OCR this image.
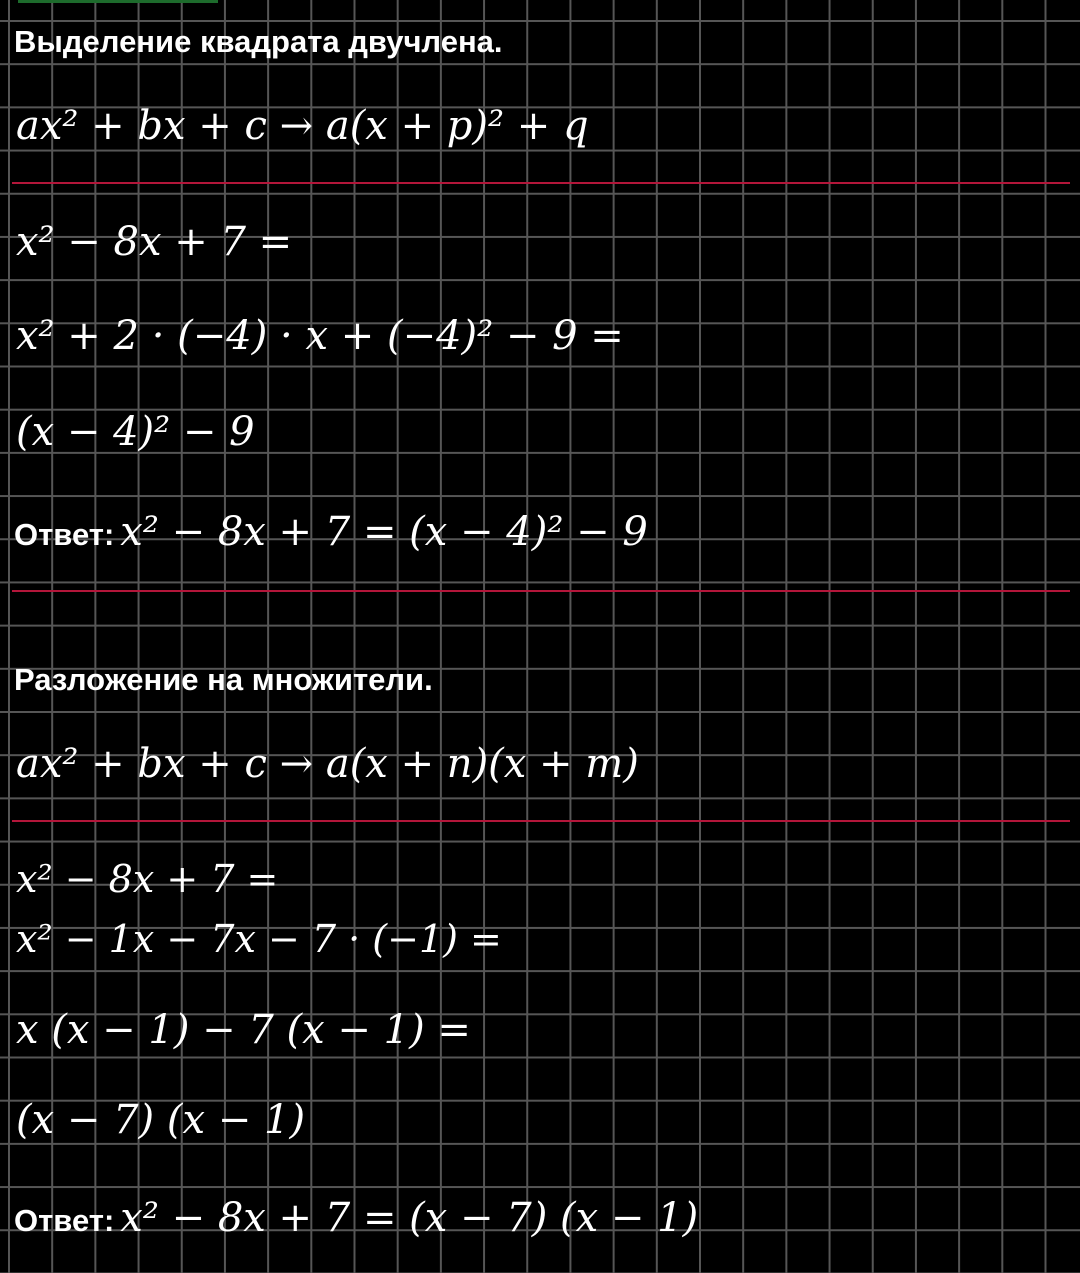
Выделение квадрата двучлена.
ax² + bx + c → a(x + p)² + q
x² − 8x + 7 =
x² + 2 · (−4) · x + (−4)² − 9 =
(x − 4)² − 9
Ответ: x² − 8x + 7 = (x − 4)² − 9
Разложение на множители.
ax² + bx + c → a(x + n)(x + m)
x² − 8x + 7 =
x² − 1x − 7x − 7 · (−1) =
x (x − 1) − 7 (x − 1) =
(x − 7) (x − 1)
Ответ: x² − 8x + 7 = (x − 7) (x − 1)
